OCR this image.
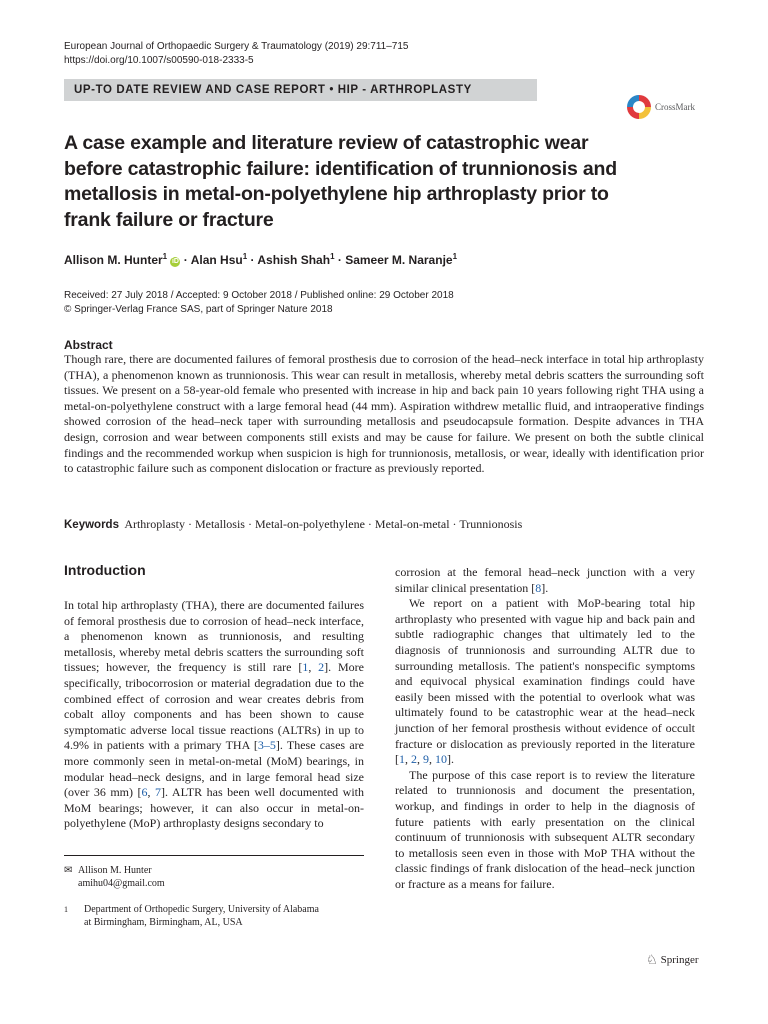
European Journal of Orthopaedic Surgery & Traumatology (2019) 29:711–715
https://doi.org/10.1007/s00590-018-2333-5
UP-TO DATE REVIEW AND CASE REPORT • HIP - ARTHROPLASTY
CrossMark
A case example and literature review of catastrophic wear before catastrophic failure: identification of trunnionosis and metallosis in metal-on-polyethylene hip arthroplasty prior to frank failure or fracture
Allison M. Hunter$^1$ iD · Alan Hsu$^1$ · Ashish Shah$^1$ · Sameer M. Naranje$^1$
Received: 27 July 2018 / Accepted: 9 October 2018 / Published online: 29 October 2018
© Springer-Verlag France SAS, part of Springer Nature 2018
Abstract
Though rare, there are documented failures of femoral prosthesis due to corrosion of the head–neck interface in total hip arthroplasty (THA), a phenomenon known as trunnionosis. This wear can result in metallosis, whereby metal debris scatters the surrounding soft tissues. We present on a 58-year-old female who presented with increase in hip and back pain 10 years following right THA using a metal-on-polyethylene construct with a large femoral head (44 mm). Aspiration withdrew metallic fluid, and intraoperative findings showed corrosion of the head–neck taper with surrounding metallosis and pseudocapsule formation. Despite advances in THA design, corrosion and wear between components still exists and may be cause for failure. We present on both the subtle clinical findings and the recommended workup when suspicion is high for trunnionosis, metallosis, or wear, ideally with identification prior to catastrophic failure such as component dislocation or fracture as previously reported.
Keywords Arthroplasty · Metallosis · Metal-on-polyethylene · Metal-on-metal · Trunnionosis
Introduction

In total hip arthroplasty (THA), there are documented failures of femoral prosthesis due to corrosion of head–neck interface, a phenomenon known as trunnionosis, and resulting metallosis, whereby metal debris scatters the surrounding soft tissues; however, the frequency is still rare [1, 2]. More specifically, tribocorrosion or material degradation due to the combined effect of corrosion and wear creates debris from cobalt alloy components and has been shown to cause symptomatic adverse local tissue reactions (ALTRs) in up to 4.9% in patients with a primary THA [3–5]. These cases are more commonly seen in metal-on-metal (MoM) bearings, in modular head–neck designs, and in large femoral head size (over 36 mm) [6, 7]. ALTR has been well documented with MoM bearings; however, it can also occur in metal-on-polyethylene (MoP) arthroplasty designs secondary to

corrosion at the femoral head–neck junction with a very similar clinical presentation [8].

We report on a patient with MoP-bearing total hip arthroplasty who presented with vague hip and back pain and subtle radiographic changes that ultimately led to the diagnosis of trunnionosis and surrounding ALTR due to surrounding metallosis. The patient's nonspecific symptoms and equivocal physical examination findings could have easily been missed with the potential to overlook what was ultimately found to be catastrophic wear at the head–neck junction of her femoral prosthesis without evidence of occult fracture or dislocation as previously reported in the literature [1, 2, 9, 10].

The purpose of this case report is to review the literature related to trunnionosis and document the presentation, workup, and findings in order to help in the diagnosis of future patients with early presentation on the clinical continuum of trunnionosis with subsequent ALTR secondary to metallosis seen even in those with MoP THA without the classic findings of frank dislocation of the head–neck junction or fracture as a means for failure.

✉ Allison M. Hunter
amihu04@gmail.com
1 Department of Orthopedic Surgery, University of Alabama
at Birmingham, Birmingham, AL, USA
♘ Springer
